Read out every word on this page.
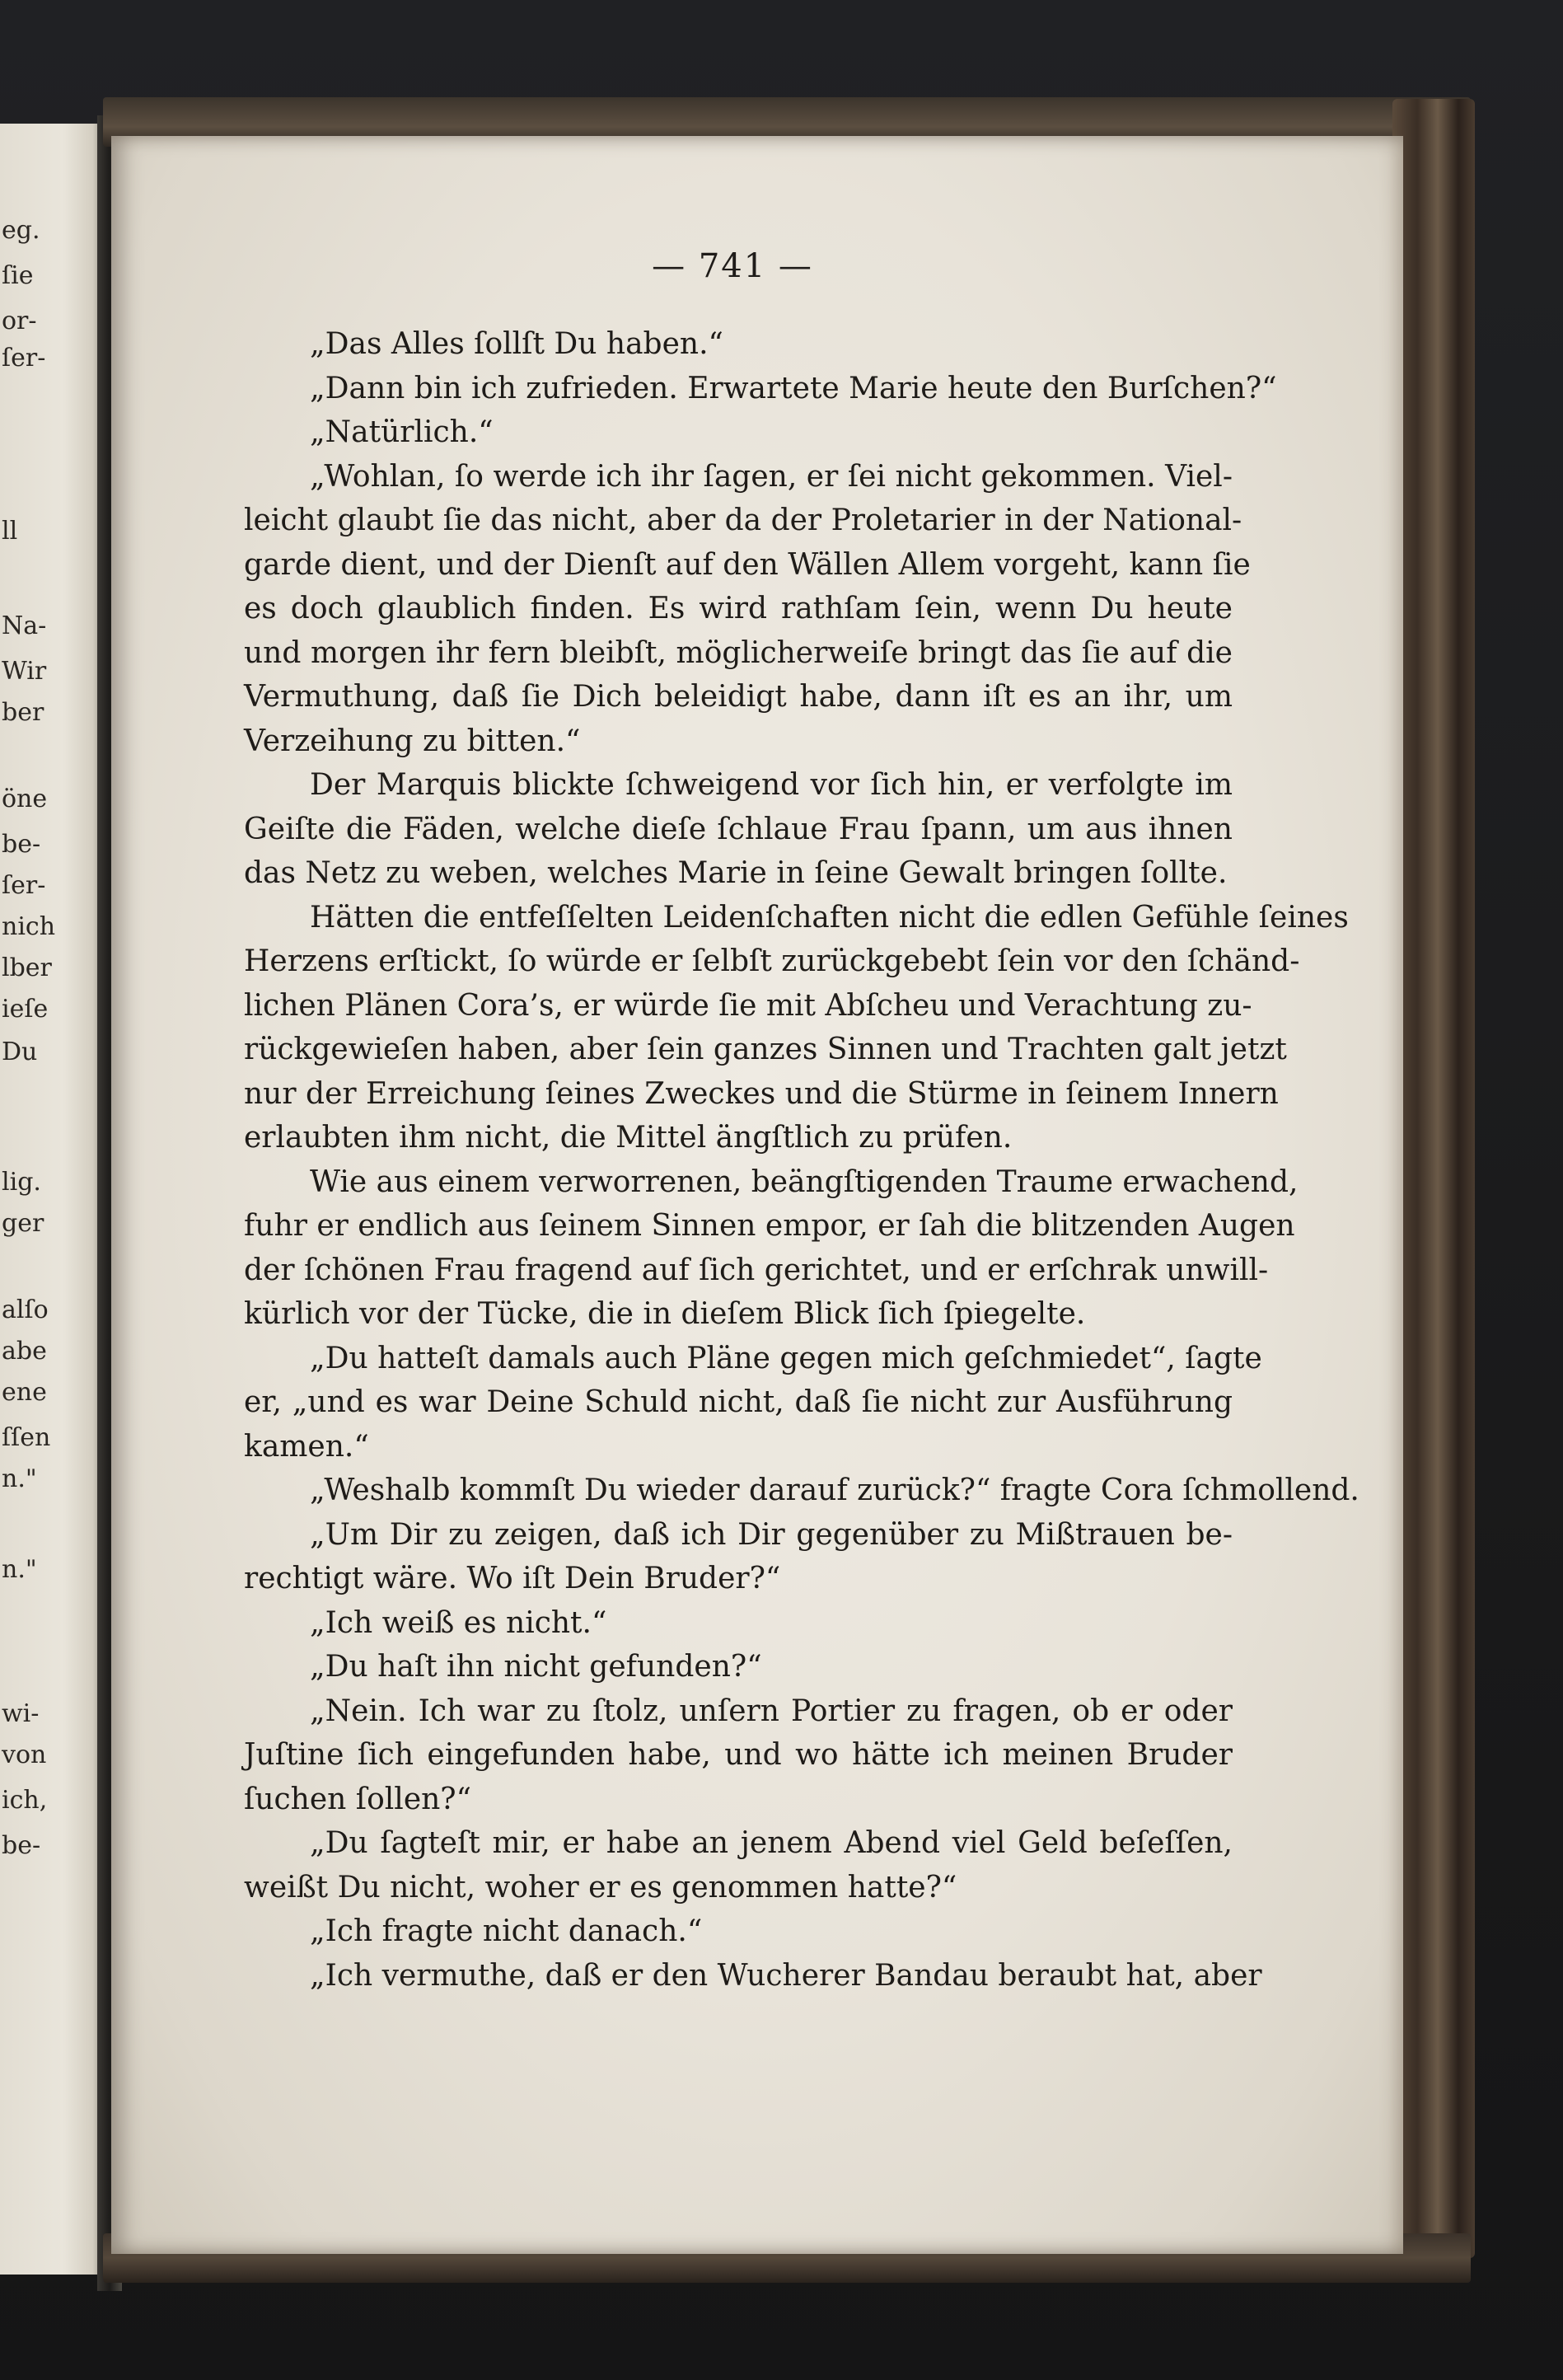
eg.
ſie
or-
ſer-
ll
Na-
Wir
ber
öne
be-
ſer-
nich
lber
ieſe
Du
lig.
ger
alſo
abe
ene
ſſen
n."
n."
wi-
von
ich,
be-
— 741 —
„Das Alles ſollſt Du haben.“
„Dann bin ich zufrieden. Erwartete Marie heute den Burſchen?“
„Natürlich.“
„Wohlan, ſo werde ich ihr ſagen, er ſei nicht gekommen. Viel-
leicht glaubt ſie das nicht, aber da der Proletarier in der National-
garde dient, und der Dienſt auf den Wällen Allem vorgeht, kann ſie
es doch glaublich finden. Es wird rathſam ſein, wenn Du heute
und morgen ihr fern bleibſt, möglicherweiſe bringt das ſie auf die
Vermuthung, daß ſie Dich beleidigt habe, dann iſt es an ihr, um
Verzeihung zu bitten.“
Der Marquis blickte ſchweigend vor ſich hin, er verfolgte im
Geiſte die Fäden, welche dieſe ſchlaue Frau ſpann, um aus ihnen
das Netz zu weben, welches Marie in ſeine Gewalt bringen ſollte.
Hätten die entfeſſelten Leidenſchaften nicht die edlen Gefühle ſeines
Herzens erſtickt, ſo würde er ſelbſt zurückgebebt ſein vor den ſchänd-
lichen Plänen Cora’s, er würde ſie mit Abſcheu und Verachtung zu-
rückgewieſen haben, aber ſein ganzes Sinnen und Trachten galt jetzt
nur der Erreichung ſeines Zweckes und die Stürme in ſeinem Innern
erlaubten ihm nicht, die Mittel ängſtlich zu prüfen.
Wie aus einem verworrenen, beängſtigenden Traume erwachend,
fuhr er endlich aus ſeinem Sinnen empor, er ſah die blitzenden Augen
der ſchönen Frau fragend auf ſich gerichtet, und er erſchrak unwill-
kürlich vor der Tücke, die in dieſem Blick ſich ſpiegelte.
„Du hatteſt damals auch Pläne gegen mich geſchmiedet“, ſagte
er, „und es war Deine Schuld nicht, daß ſie nicht zur Ausführung
kamen.“
„Weshalb kommſt Du wieder darauf zurück?“ fragte Cora ſchmollend.
„Um Dir zu zeigen, daß ich Dir gegenüber zu Mißtrauen be-
rechtigt wäre. Wo iſt Dein Bruder?“
„Ich weiß es nicht.“
„Du haſt ihn nicht gefunden?“
„Nein. Ich war zu ſtolz, unſern Portier zu fragen, ob er oder
Juſtine ſich eingefunden habe, und wo hätte ich meinen Bruder
ſuchen ſollen?“
„Du ſagteſt mir, er habe an jenem Abend viel Geld beſeſſen,
weißt Du nicht, woher er es genommen hatte?“
„Ich fragte nicht danach.“
„Ich vermuthe, daß er den Wucherer Bandau beraubt hat, aber
